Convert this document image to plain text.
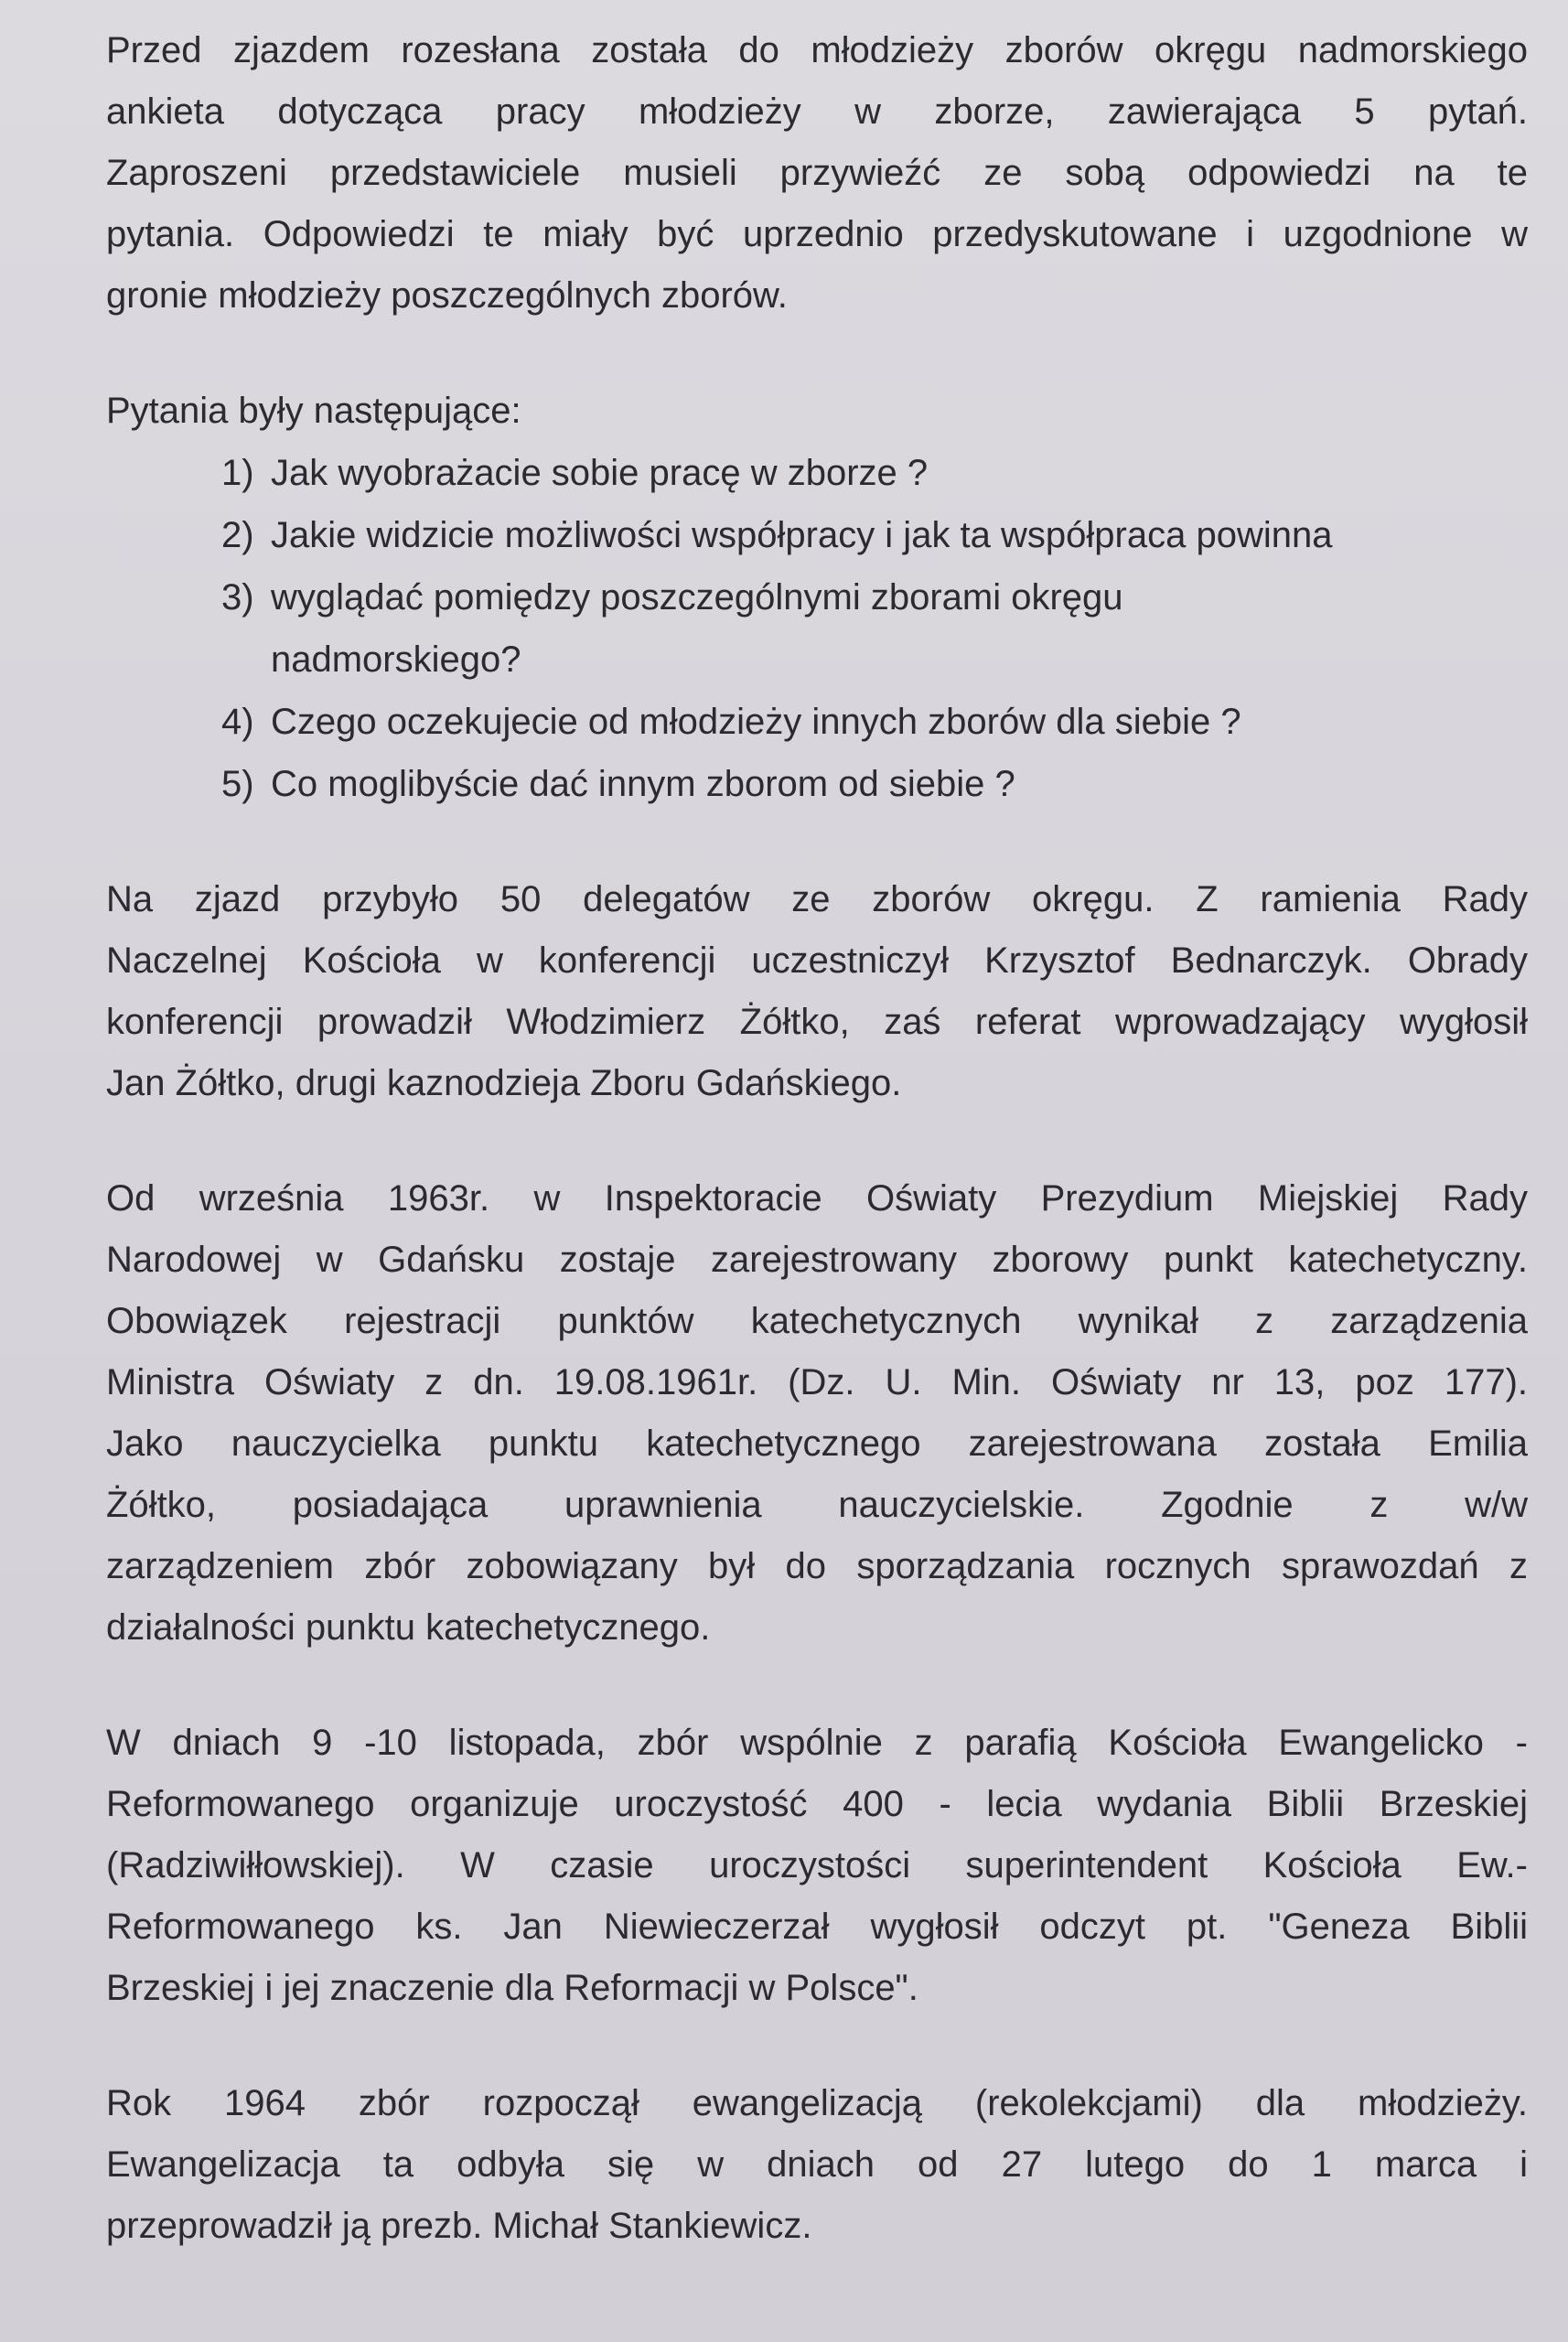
Przed zjazdem rozesłana została do młodzieży zborów okręgu nadmorskiego
ankieta dotycząca pracy młodzieży w zborze, zawierająca 5 pytań.
Zaproszeni przedstawiciele musieli przywieźć ze sobą odpowiedzi na te
pytania. Odpowiedzi te miały być uprzednio przedyskutowane i uzgodnione w
gronie młodzieży poszczególnych zborów.

Pytania były następujące:

1) Jak wyobrażacie sobie pracę w zborze ?
2) Jakie widzicie możliwości współpracy i jak ta współpraca powinna
3) wyglądać pomiędzy poszczególnymi zborami okręgu
nadmorskiego?
4) Czego oczekujecie od młodzieży innych zborów dla siebie ?
5) Co moglibyście dać innym zborom od siebie ?
Na zjazd przybyło 50 delegatów ze zborów okręgu. Z ramienia Rady
Naczelnej Kościoła w konferencji uczestniczył Krzysztof Bednarczyk. Obrady
konferencji prowadził Włodzimierz Żółtko, zaś referat wprowadzający wygłosił
Jan Żółtko, drugi kaznodzieja Zboru Gdańskiego.
Od września 1963r. w Inspektoracie Oświaty Prezydium Miejskiej Rady
Narodowej w Gdańsku zostaje zarejestrowany zborowy punkt katechetyczny.
Obowiązek rejestracji punktów katechetycznych wynikał z zarządzenia
Ministra Oświaty z dn. 19.08.1961r. (Dz. U. Min. Oświaty nr 13, poz 177).
Jako nauczycielka punktu katechetycznego zarejestrowana została Emilia
Żółtko, posiadająca uprawnienia nauczycielskie. Zgodnie z w/w
zarządzeniem zbór zobowiązany był do sporządzania rocznych sprawozdań z
działalności punktu katechetycznego.
W dniach 9 -10 listopada, zbór wspólnie z parafią Kościoła Ewangelicko -
Reformowanego organizuje uroczystość 400 - lecia wydania Biblii Brzeskiej
(Radziwiłłowskiej). W czasie uroczystości superintendent Kościoła Ew.-
Reformowanego ks. Jan Niewieczerzał wygłosił odczyt pt. "Geneza Biblii
Brzeskiej i jej znaczenie dla Reformacji w Polsce".
Rok 1964 zbór rozpoczął ewangelizacją (rekolekcjami) dla młodzieży.
Ewangelizacja ta odbyła się w dniach od 27 lutego do 1 marca i
przeprowadził ją prezb. Michał Stankiewicz.
